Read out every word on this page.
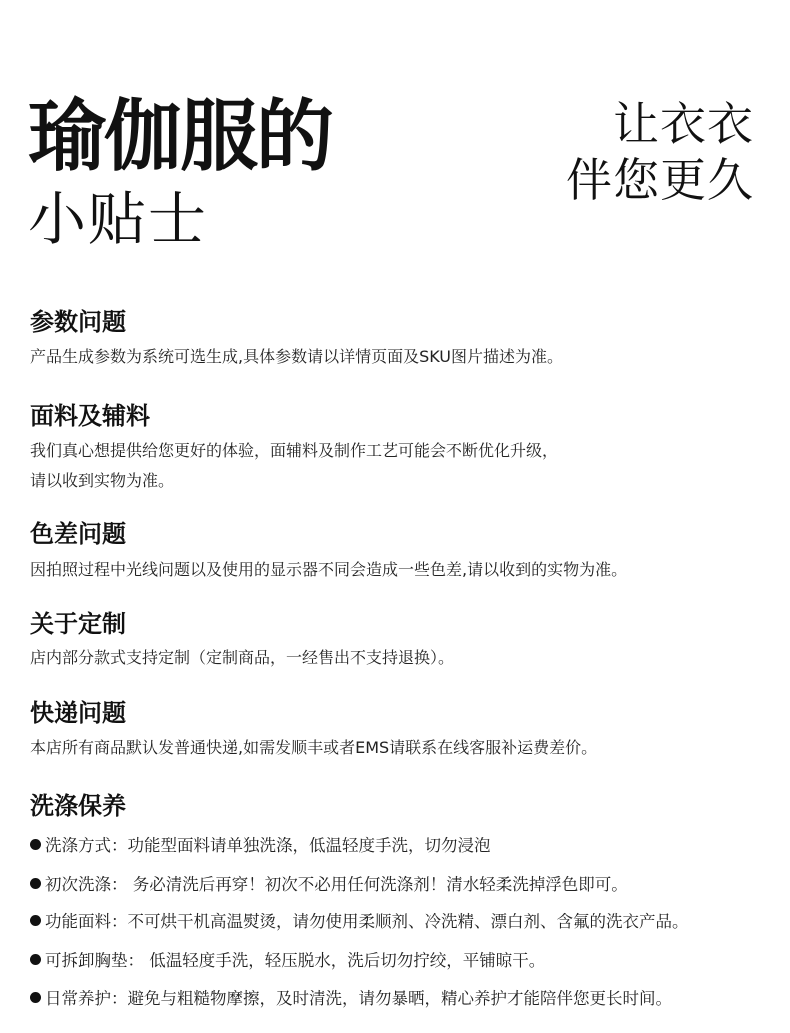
瑜伽服的
小贴士
让衣衣
伴您更久
参数问题
产品生成参数为系统可选生成,具体参数请以详情页面及SKU图片描述为准。
面料及辅料
我们真心想提供给您更好的体验，面辅料及制作工艺可能会不断优化升级，
请以收到实物为准。
色差问题
因拍照过程中光线问题以及使用的显示器不同会造成一些色差,请以收到的实物为准。
关于定制
店内部分款式支持定制（定制商品，一经售出不支持退换）。
快递问题
本店所有商品默认发普通快递,如需发顺丰或者EMS请联系在线客服补运费差价。
洗涤保养
洗涤方式：功能型面料请单独洗涤，低温轻度手洗，切勿浸泡
初次洗涤： 务必清洗后再穿！初次不必用任何洗涤剂！清水轻柔洗掉浮色即可。
功能面料：不可烘干机高温熨烫，请勿使用柔顺剂、冷洗精、漂白剂、含氟的洗衣产品。
可拆卸胸垫： 低温轻度手洗，轻压脱水，洗后切勿拧绞，平铺晾干。
日常养护：避免与粗糙物摩擦，及时清洗，请勿暴晒，精心养护才能陪伴您更长时间。
